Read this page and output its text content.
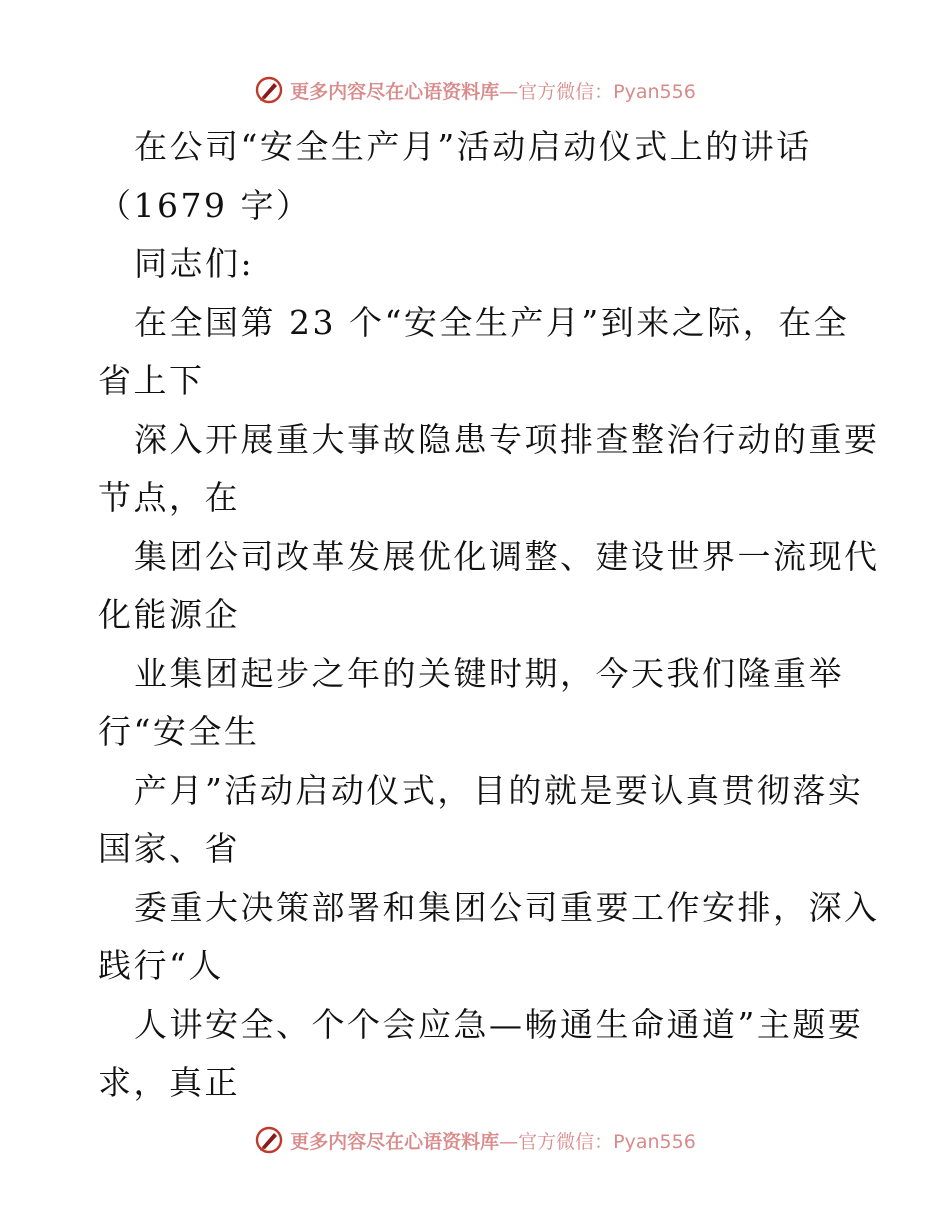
更多内容尽在心语资料库—官方微信：Pyan556
在公司“安全生产月”活动启动仪式上的讲话
（1679 字）
同志们:
在全国第 23 个“安全生产月”到来之际，在全
省上下
深入开展重大事故隐患专项排查整治行动的重要
节点，在
集团公司改革发展优化调整、建设世界一流现代
化能源企
业集团起步之年的关键时期，今天我们隆重举
行“安全生
产月”活动启动仪式，目的就是要认真贯彻落实
国家、省
委重大决策部署和集团公司重要工作安排，深入
践行“人
人讲安全、个个会应急—畅通生命通道”主题要
求，真正
更多内容尽在心语资料库—官方微信：Pyan556
